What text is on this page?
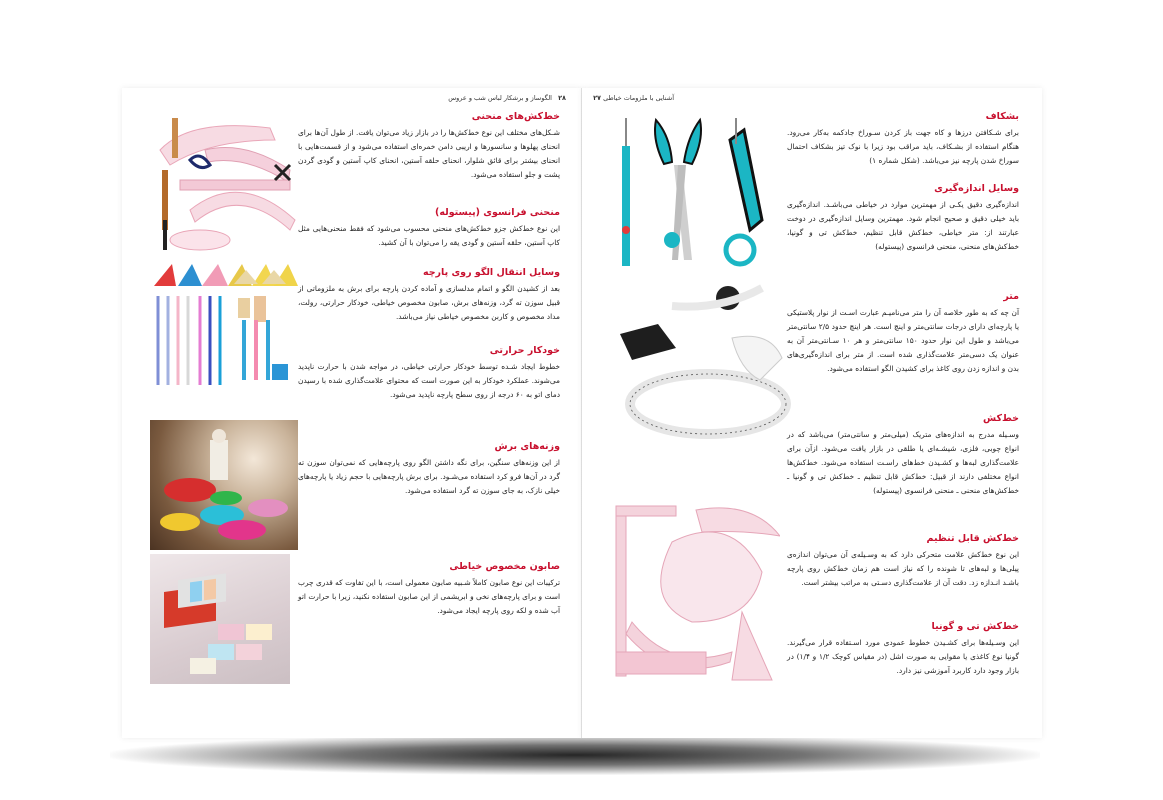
۲۸ الگوساز و برشکار لباس شب و عروس
خط‌کش‌های منحنی

شـکل‌های مختلف این نوع خط‌کش‌ها را در بازار زیاد می‌توان یافت. از طول آن‌ها برای انحنای پهلوها و سانسورها و اریبی دامن خمره‌ای استفاده می‌شود و از قسمت‌هایی با انحنای بیشتر برای قائق شلوار، انحنای حلقه آستین، انحنای کاپ آستین و گودی گردن پشت و جلو استفاده می‌شود.

منحنی فرانسوی (پیستوله)

این نوع خط‌کش جزو خط‌کش‌های منحنی محسوب می‌شود که فقط منحنی‌هایی مثل کاپ آستین، حلقه آستین و گودی یقه را می‌توان با آن کشید.

وسایل انتقال الگو روی پارچه

بعد از کشیدن الگو و اتمام مدلسازی و آماده کردن پارچه برای برش به ملزوماتی از قبیل سوزن ته گرد، وزنه‌های برش، صابون مخصوص خیاطی، خودکار حرارتی، رولت، مداد مخصوص و کاربن مخصوص خیاطی نیاز می‌باشد.

خودکار حرارتی

خطوط ایجاد شـده توسط خودکار حرارتی خیاطی، در مواجه شدن با حرارت ناپدید می‌شوند. عملکرد خودکار به این صورت است که محتوای علامت‌گذاری شده با رسیدن دمای اتو به ۶۰ درجه از روی سطح پارچه ناپدید می‌شود.

وزنه‌های برش

از این وزنه‌های سنگین، برای نگه داشتن الگو روی پارچه‌هایی که نمی‌توان سوزن ته گرد در آن‌ها فرو کرد استفاده می‌شـود. برای برش پارچه‌هایی با حجم زیاد یا پارچه‌های خیلی نازک، به جای سوزن ته گرد استفاده می‌شود.

صابون مخصوص خیاطی

ترکیبات این نوع صابون کاملاً شـبیه صابون معمولی است، با این تفاوت که قدری چرب است و برای پارچه‌های نخی و ابریشمی از این صابون استفاده نکنید، زیرا با حرارت اتو آب شده و لکه روی پارچه ایجاد می‌شود.

آشنایی با ملزومات خیاطی ۲۷
بشکاف

برای شـکافتن درزها و کاه جهت باز کردن سـوراخ جادکمه به‌کار می‌رود. هنگام استفاده از بشـکاف، باید مراقب بود زیرا با نوک تیز بشکاف احتمال سوراخ شدن پارچه نیز می‌باشد. (شکل شماره ۱)

وسایل اندازه‌گیری

اندازه‌گیری دقیق یکـی از مهمترین موارد در خیاطی می‌باشـد. اندازه‌گیری باید خیلی دقیق و صحیح انجام شود. مهمترین وسایل اندازه‌گیری در دوخت عبارتند از: متر خیاطی، خط‌کش قابل تنظیم، خط‌کش تی و گونیا، خط‌کش‌های منحنی، منحنی فرانسوی (پیستوله)

متر

آن چه که به طور خلاصه آن را متر می‌نامیـم عبارت اسـت از نوار پلاستیکی یا پارچه‌ای دارای درجات سانتی‌متر و اینچ است. هر اینچ حدود ۲/۵ سانتی‌متر می‌باشد و طول این نوار حدود ۱۵۰ سانتی‌متر و هر ۱۰ سـانتی‌متر آن به عنوان یک دسی‌متر علامت‌گذاری شده است. از متر برای اندازه‌گیری‌های بدن و اندازه زدن روی کاغذ برای کشیدن الگو استفاده می‌شود.

خط‌کش

وسـیله مدرج به اندازه‌های متریک (میلی‌متر و سانتی‌متر) می‌باشد که در انواع چوبی، فلزی، شیشـه‌ای یا طلقی در بازار یافت می‌شود. ازآن برای علامت‌گذاری لبه‌ها و کشـیدن خط‌های راسـت استفاده می‌شود. خط‌کش‌ها انواع مختلفی دارند از قبیل: خط‌کش قابل تنظیم ـ خط‌کش تی و گونیا ـ خط‌کش‌های منحنی ـ منحنی فرانسوی (پیستوله)

خط‌کش قابل تنظیم

این نوع خط‌کش علامت متحرکی دارد که به وسـیله‌ی آن می‌توان اندازه‌ی پیلی‌ها و لبه‌های تا شونده را که نیاز است هم زمان خط‌کش روی پارچه باشـد انـدازه زد. دقت آن از علامت‌گذاری دسـتی به مراتب بیشتر است.

خط‌کش تی و گونیا

این وسـیله‌ها برای کشـیدن خطوط عمودی مورد اسـتفاده قرار می‌گیرند. گونیا نوع کاغذی یا مقوایی به صورت اشل (در مقیاس کوچک ۱/۲ و ۱/۴) در بازار وجود دارد کاربرد آموزشی نیز دارد.
